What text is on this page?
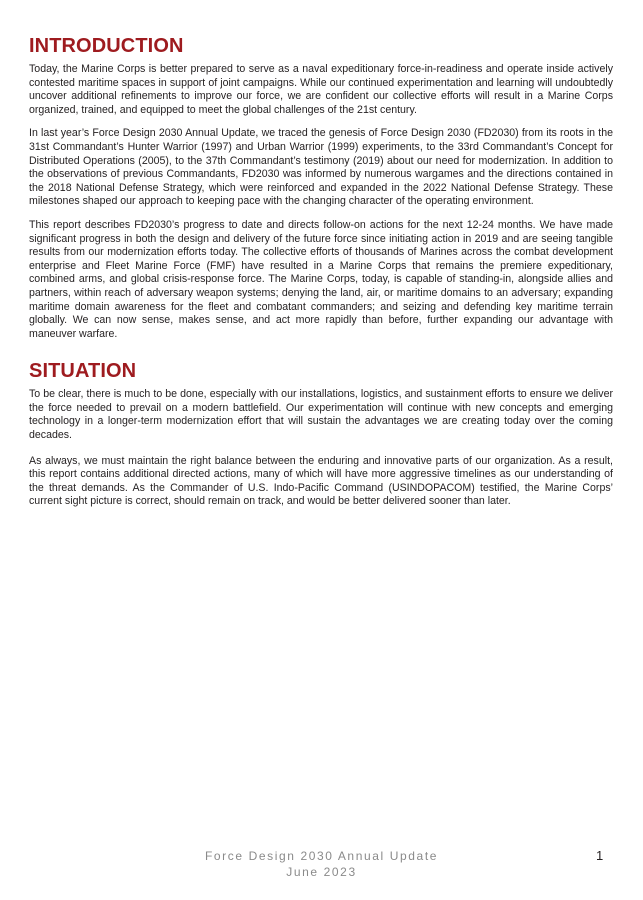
INTRODUCTION

Today, the Marine Corps is better prepared to serve as a naval expeditionary force-in-readiness and operate inside actively contested maritime spaces in support of joint campaigns. While our continued experimentation and learning will undoubtedly uncover additional refinements to improve our force, we are confident our collective efforts will result in a Marine Corps organized, trained, and equipped to meet the global challenges of the 21st century.

In last year’s Force Design 2030 Annual Update, we traced the genesis of Force Design 2030 (FD2030) from its roots in the 31st Commandant’s Hunter Warrior (1997) and Urban Warrior (1999) experiments, to the 33rd Commandant’s Concept for Distributed Operations (2005), to the 37th Commandant’s testimony (2019) about our need for modernization. In addition to the observations of previous Commandants, FD2030 was informed by numerous wargames and the directions contained in the 2018 National Defense Strategy, which were reinforced and expanded in the 2022 National Defense Strategy. These milestones shaped our approach to keeping pace with the changing character of the operating environment.

This report describes FD2030’s progress to date and directs follow-on actions for the next 12-24 months. We have made significant progress in both the design and delivery of the future force since initiating action in 2019 and are seeing tangible results from our modernization efforts today. The collective efforts of thousands of Marines across the combat development enterprise and Fleet Marine Force (FMF) have resulted in a Marine Corps that remains the premiere expeditionary, combined arms, and global crisis-response force. The Marine Corps, today, is capable of standing-in, alongside allies and partners, within reach of adversary weapon systems; denying the land, air, or maritime domains to an adversary; expanding maritime domain awareness for the fleet and combatant commanders; and seizing and defending key maritime terrain globally. We can now sense, makes sense, and act more rapidly than before, further expanding our advantage with maneuver warfare.

SITUATION

To be clear, there is much to be done, especially with our installations, logistics, and sustainment efforts to ensure we deliver the force needed to prevail on a modern battlefield. Our experimentation will continue with new concepts and emerging technology in a longer-term modernization effort that will sustain the advantages we are creating today over the coming decades.

As always, we must maintain the right balance between the enduring and innovative parts of our organization. As a result, this report contains additional directed actions, many of which will have more aggressive timelines as our understanding of the threat demands. As the Commander of U.S. Indo-Pacific Command (USINDOPACOM) testified, the Marine Corps’ current sight picture is correct, should remain on track, and would be better delivered sooner than later.

Force Design 2030 Annual Update
June 2023
1
